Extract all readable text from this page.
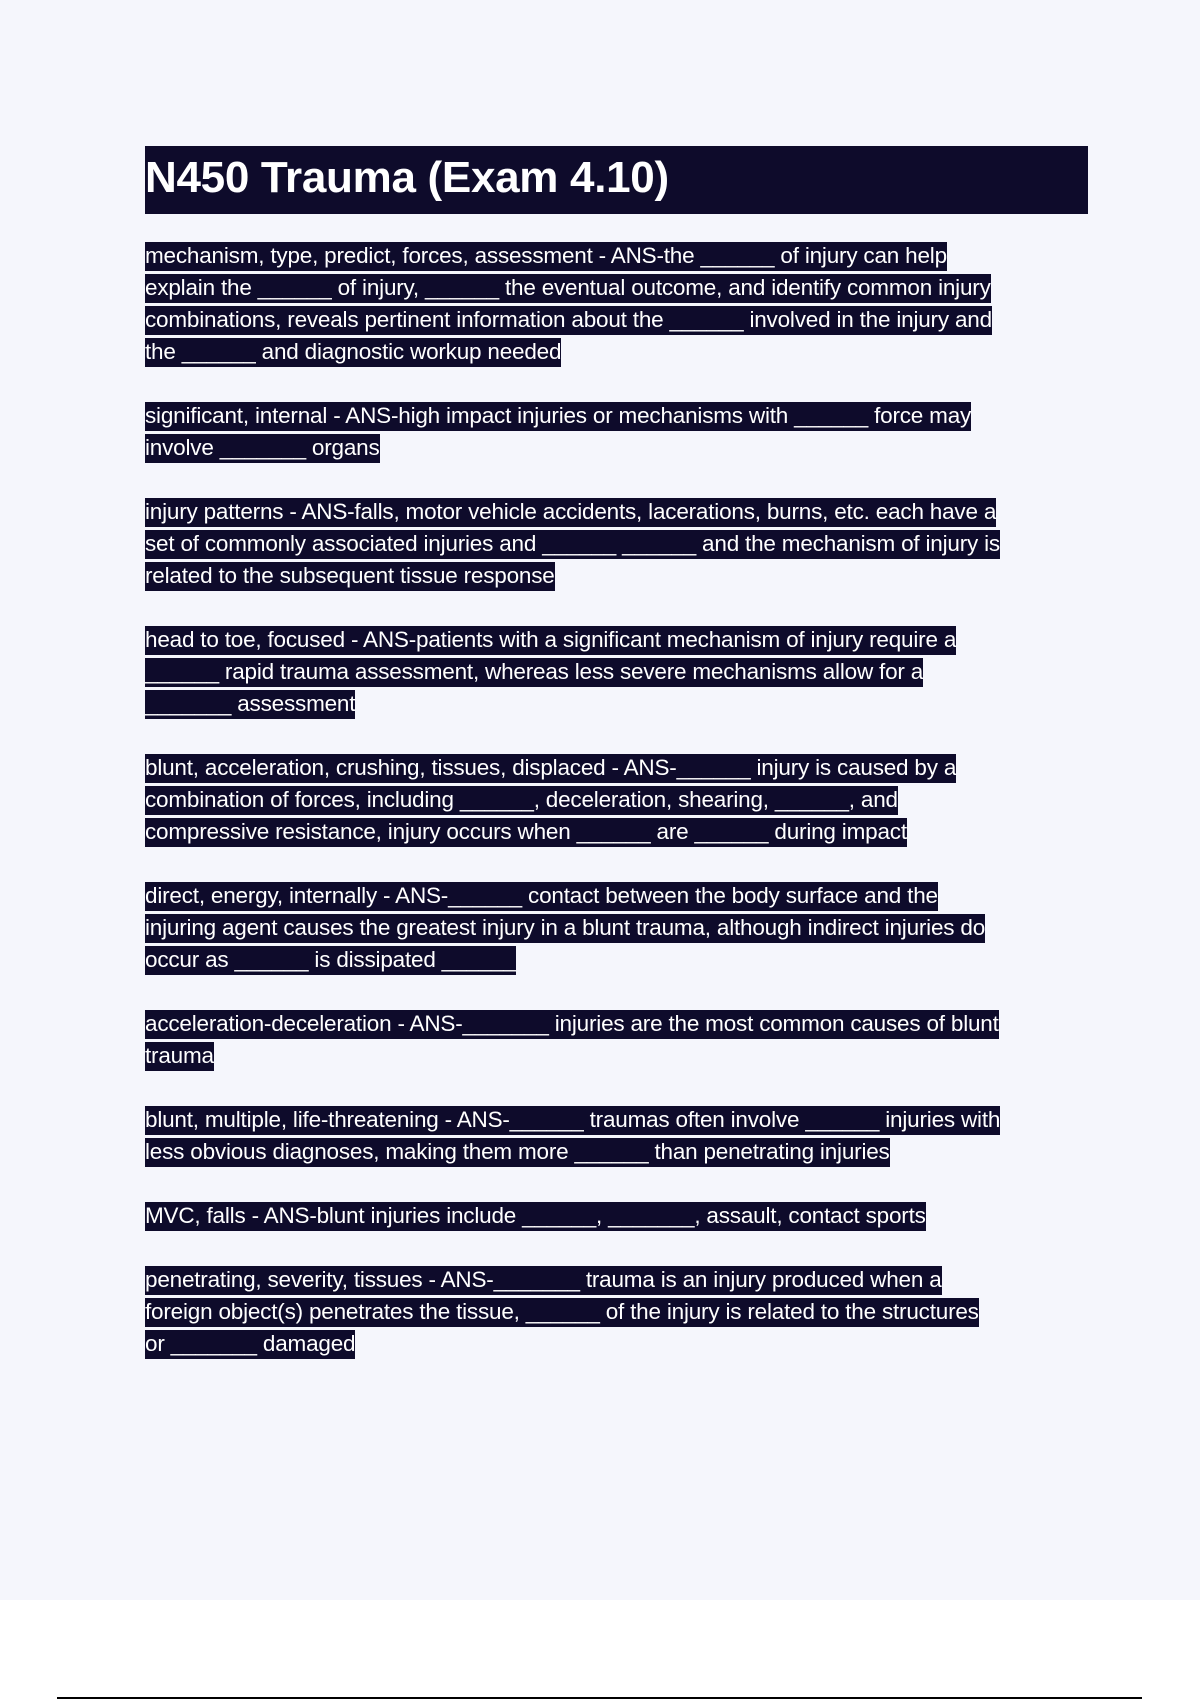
N450 Trauma (Exam 4.10)
mechanism, type, predict, forces, assessment - ANS-the ______ of injury can help
explain the ______ of injury, ______ the eventual outcome, and identify common injury
combinations, reveals pertinent information about the ______ involved in the injury and
the ______ and diagnostic workup needed
significant, internal - ANS-high impact injuries or mechanisms with ______ force may
involve _______ organs
injury patterns - ANS-falls, motor vehicle accidents, lacerations, burns, etc. each have a
set of commonly associated injuries and ______ ______ and the mechanism of injury is
related to the subsequent tissue response
head to toe, focused - ANS-patients with a significant mechanism of injury require a
______ rapid trauma assessment, whereas less severe mechanisms allow for a
_______ assessment
blunt, acceleration, crushing, tissues, displaced - ANS-______ injury is caused by a
combination of forces, including ______, deceleration, shearing, ______, and
compressive resistance, injury occurs when ______ are ______ during impact
direct, energy, internally - ANS-______ contact between the body surface and the
injuring agent causes the greatest injury in a blunt trauma, although indirect injuries do
occur as ______ is dissipated ______
acceleration-deceleration - ANS-_______ injuries are the most common causes of blunt
trauma
blunt, multiple, life-threatening - ANS-______ traumas often involve ______ injuries with
less obvious diagnoses, making them more ______ than penetrating injuries
MVC, falls - ANS-blunt injuries include ______, _______, assault, contact sports
penetrating, severity, tissues - ANS-_______ trauma is an injury produced when a
foreign object(s) penetrates the tissue, ______ of the injury is related to the structures
or _______ damaged
